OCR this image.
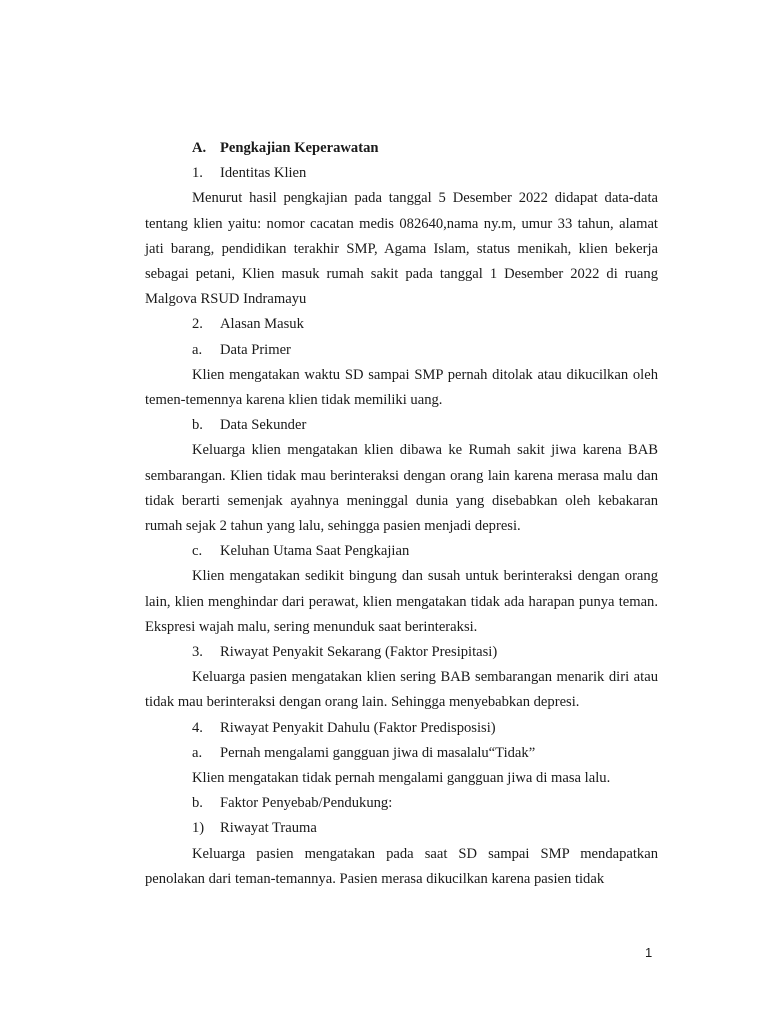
A. Pengkajian Keperawatan
1. Identitas Klien

Menurut hasil pengkajian pada tanggal 5 Desember 2022 didapat data-data tentang klien yaitu: nomor cacatan medis 082640,nama ny.m, umur 33 tahun, alamat jati barang, pendidikan terakhir SMP, Agama Islam, status menikah, klien bekerja sebagai petani, Klien masuk rumah sakit pada tanggal 1 Desember 2022 di ruang Malgova RSUD Indramayu

2. Alasan Masuk
a. Data Primer

Klien mengatakan waktu SD sampai SMP pernah ditolak atau dikucilkan oleh temen-temennya karena klien tidak memiliki uang.

b. Data Sekunder

Keluarga klien mengatakan klien dibawa ke Rumah sakit jiwa karena BAB sembarangan. Klien tidak mau berinteraksi dengan orang lain karena merasa malu dan tidak berarti semenjak ayahnya meninggal dunia yang disebabkan oleh kebakaran rumah sejak 2 tahun yang lalu, sehingga pasien menjadi depresi.

c. Keluhan Utama Saat Pengkajian

Klien mengatakan sedikit bingung dan susah untuk berinteraksi dengan orang lain, klien menghindar dari perawat, klien mengatakan tidak ada harapan punya teman. Ekspresi wajah malu, sering menunduk saat berinteraksi.

3. Riwayat Penyakit Sekarang (Faktor Presipitasi)

Keluarga pasien mengatakan klien sering BAB sembarangan menarik diri atau tidak mau berinteraksi dengan orang lain. Sehingga menyebabkan depresi.

4. Riwayat Penyakit Dahulu (Faktor Predisposisi)
a. Pernah mengalami gangguan jiwa di masalalu“Tidak”

Klien mengatakan tidak pernah mengalami gangguan jiwa di masa lalu.

b. Faktor Penyebab/Pendukung:
1) Riwayat Trauma

Keluarga pasien mengatakan pada saat SD sampai SMP mendapatkan penolakan dari teman-temannya. Pasien merasa dikucilkan karena pasien tidak

1
